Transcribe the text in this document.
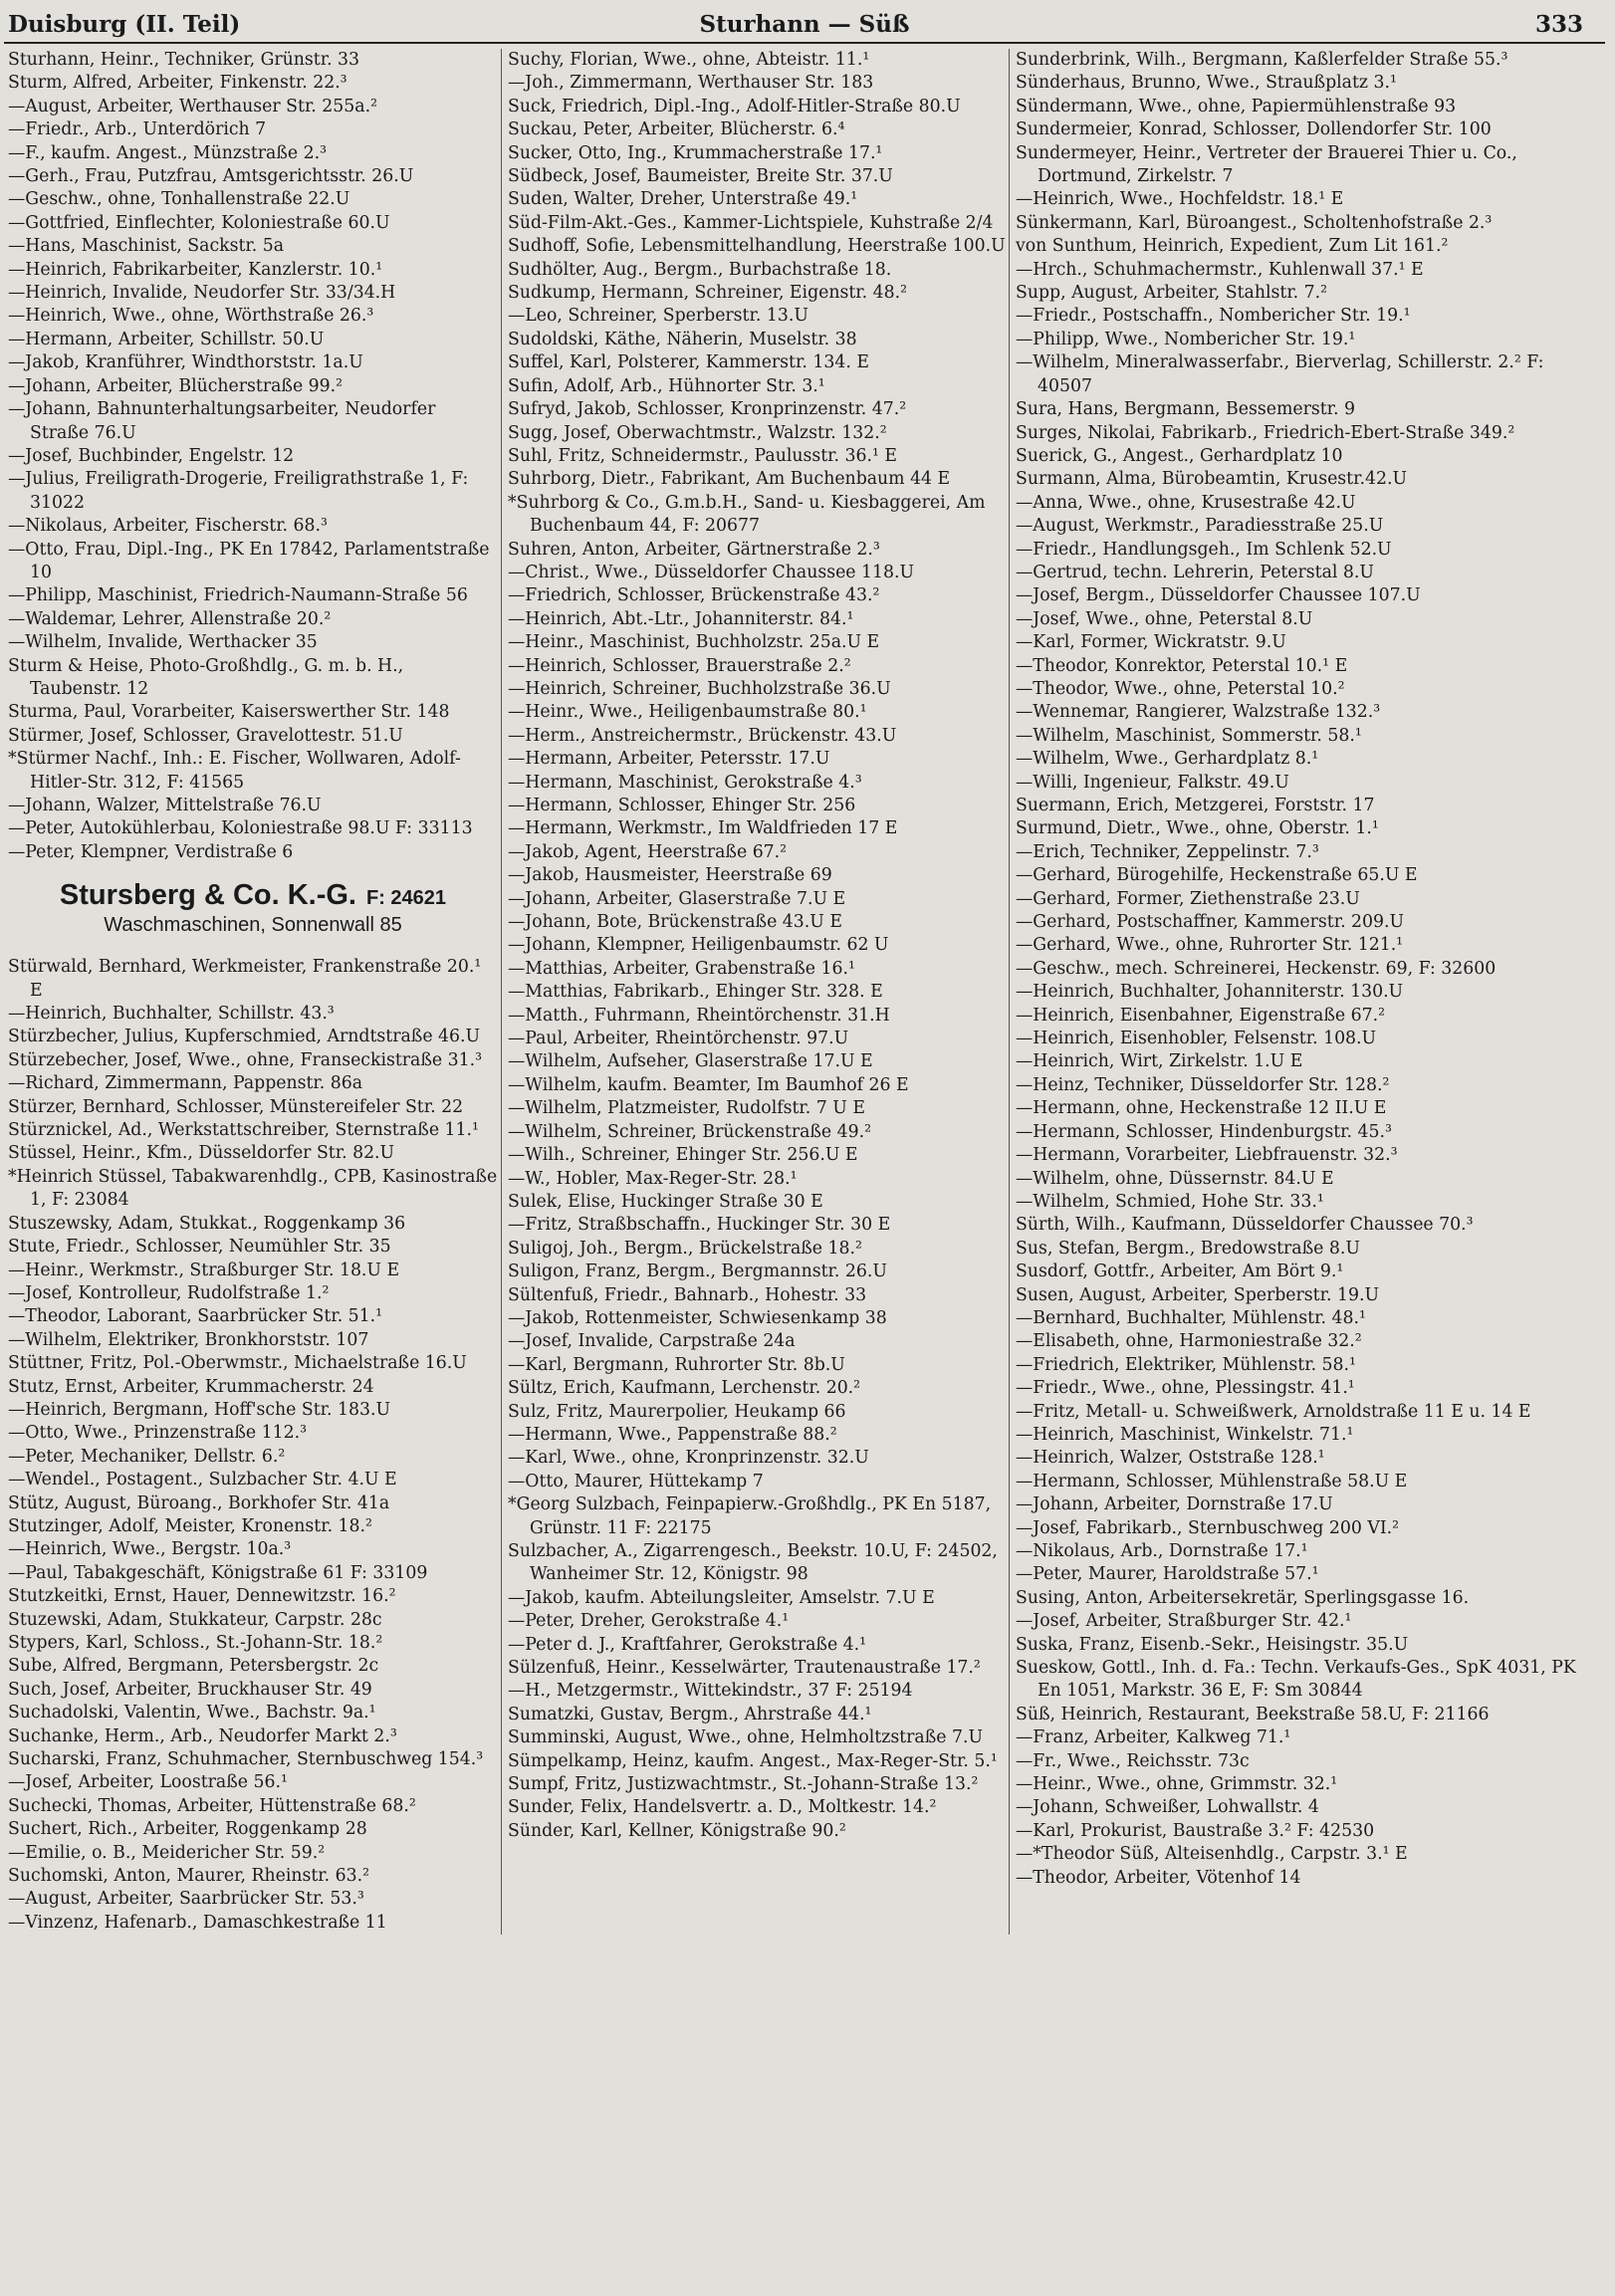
Duisburg (II. Teil)	Sturhann — Süß	333
Sturhann, Heinr., Techniker, Grünstr. 33
Sturm, Alfred, Arbeiter, Finkenstr. 22.³
—August, Arbeiter, Werthauser Str. 255a.²
—Friedr., Arb., Unterdörich 7
—F., kaufm. Angest., Münzstraße 2.³
—Gerh., Frau, Putzfrau, Amtsgerichtsstr. 26.U
—Geschw., ohne, Tonhallenstraße 22.U
—Gottfried, Einflechter, Koloniestraße 60.U
—Hans, Maschinist, Sackstr. 5a
—Heinrich, Fabrikarbeiter, Kanzlerstr. 10.¹
—Heinrich, Invalide, Neudorfer Str. 33/34.H
—Heinrich, Wwe., ohne, Wörthstraße 26.³
—Hermann, Arbeiter, Schillstr. 50.U
—Jakob, Kranführer, Windthorststr. 1a.U
—Johann, Arbeiter, Blücherstraße 99.²
—Johann, Bahnunterhaltungsarbeiter, Neudorfer Straße 76.U
—Josef, Buchbinder, Engelstr. 12
—Julius, Freiligrath-Drogerie, Freiligrathstraße 1, F: 31022
—Nikolaus, Arbeiter, Fischerstr. 68.³
—Otto, Frau, Dipl.-Ing., PK En 17842, Parlamentstraße 10
—Philipp, Maschinist, Friedrich-Naumann-Straße 56
—Waldemar, Lehrer, Allenstraße 20.²
—Wilhelm, Invalide, Werthacker 35
Sturm & Heise, Photo-Großhdlg., G. m. b. H., Taubenstr. 12
Sturma, Paul, Vorarbeiter, Kaiserswerther Str. 148
Stürmer, Josef, Schlosser, Gravelottestr. 51.U
*Stürmer Nachf., Inh.: E. Fischer, Wollwaren, Adolf-Hitler-Str. 312, F: 41565
—Johann, Walzer, Mittelstraße 76.U
—Peter, Autokühlerbau, Koloniestraße 98.U F: 33113
—Peter, Klempner, Verdistraße 6
Stursberg & Co. K.-G. F: 24621
Waschmaschinen, Sonnenwall 85
Stürwald, Bernhard, Werkmeister, Frankenstraße 20.¹ E
—Heinrich, Buchhalter, Schillstr. 43.³
Stürzbecher, Julius, Kupferschmied, Arndtstraße 46.U
Stürzebecher, Josef, Wwe., ohne, Franseckistraße 31.³
—Richard, Zimmermann, Pappenstr. 86a
Stürzer, Bernhard, Schlosser, Münstereifeler Str. 22
Stürznickel, Ad., Werkstattschreiber, Sternstraße 11.¹
Stüssel, Heinr., Kfm., Düsseldorfer Str. 82.U
*Heinrich Stüssel, Tabakwarenhdlg., CPB, Kasinostraße 1, F: 23084
Stuszewsky, Adam, Stukkat., Roggenkamp 36
Stute, Friedr., Schlosser, Neumühler Str. 35
—Heinr., Werkmstr., Straßburger Str. 18.U E
—Josef, Kontrolleur, Rudolfstraße 1.²
—Theodor, Laborant, Saarbrücker Str. 51.¹
—Wilhelm, Elektriker, Bronkhorststr. 107
Stüttner, Fritz, Pol.-Oberwmstr., Michaelstraße 16.U
Stutz, Ernst, Arbeiter, Krummacherstr. 24
—Heinrich, Bergmann, Hoff'sche Str. 183.U
—Otto, Wwe., Prinzenstraße 112.³
—Peter, Mechaniker, Dellstr. 6.²
—Wendel., Postagent., Sulzbacher Str. 4.U E
Stütz, August, Büroang., Borkhofer Str. 41a
Stutzinger, Adolf, Meister, Kronenstr. 18.²
—Heinrich, Wwe., Bergstr. 10a.³
—Paul, Tabakgeschäft, Königstraße 61 F: 33109
Stutzkeitki, Ernst, Hauer, Dennewitzstr. 16.²
Stuzewski, Adam, Stukkateur, Carpstr. 28c
Stypers, Karl, Schloss., St.-Johann-Str. 18.²
Sube, Alfred, Bergmann, Petersbergstr. 2c
Such, Josef, Arbeiter, Bruckhauser Str. 49
Suchadolski, Valentin, Wwe., Bachstr. 9a.¹
Suchanke, Herm., Arb., Neudorfer Markt 2.³
Sucharski, Franz, Schuhmacher, Sternbuschweg 154.³
—Josef, Arbeiter, Loostraße 56.¹
Suchecki, Thomas, Arbeiter, Hüttenstraße 68.²
Suchert, Rich., Arbeiter, Roggenkamp 28
—Emilie, o. B., Meidericher Str. 59.²
Suchomski, Anton, Maurer, Rheinstr. 63.²
—August, Arbeiter, Saarbrücker Str. 53.³
—Vinzenz, Hafenarb., Damaschkestraße 11
Suchy, Florian, Wwe., ohne, Abteistr. 11.¹
—Joh., Zimmermann, Werthauser Str. 183
Suck, Friedrich, Dipl.-Ing., Adolf-Hitler-Straße 80.U
Suckau, Peter, Arbeiter, Blücherstr. 6.⁴
Sucker, Otto, Ing., Krummacherstraße 17.¹
Südbeck, Josef, Baumeister, Breite Str. 37.U
Suden, Walter, Dreher, Unterstraße 49.¹
Süd-Film-Akt.-Ges., Kammer-Lichtspiele, Kuhstraße 2/4
Sudhoff, Sofie, Lebensmittelhandlung, Heerstraße 100.U
Sudhölter, Aug., Bergm., Burbachstraße 18.
Sudkump, Hermann, Schreiner, Eigenstr. 48.²
—Leo, Schreiner, Sperberstr. 13.U
Sudoldski, Käthe, Näherin, Muselstr. 38
Suffel, Karl, Polsterer, Kammerstr. 134. E
Sufin, Adolf, Arb., Hühnorter Str. 3.¹
Sufryd, Jakob, Schlosser, Kronprinzenstr. 47.²
Sugg, Josef, Oberwachtmstr., Walzstr. 132.²
Suhl, Fritz, Schneidermstr., Paulusstr. 36.¹ E
Suhrborg, Dietr., Fabrikant, Am Buchenbaum 44 E
*Suhrborg & Co., G.m.b.H., Sand- u. Kiesbaggerei, Am Buchenbaum 44, F: 20677
Suhren, Anton, Arbeiter, Gärtnerstraße 2.³
—Christ., Wwe., Düsseldorfer Chaussee 118.U
—Friedrich, Schlosser, Brückenstraße 43.²
—Heinrich, Abt.-Ltr., Johanniterstr. 84.¹
—Heinr., Maschinist, Buchholzstr. 25a.U E
—Heinrich, Schlosser, Brauerstraße 2.²
—Heinrich, Schreiner, Buchholzstraße 36.U
—Heinr., Wwe., Heiligenbaumstraße 80.¹
—Herm., Anstreichermstr., Brückenstr. 43.U
—Hermann, Arbeiter, Petersstr. 17.U
—Hermann, Maschinist, Gerokstraße 4.³
—Hermann, Schlosser, Ehinger Str. 256
—Hermann, Werkmstr., Im Waldfrieden 17 E
—Jakob, Agent, Heerstraße 67.²
—Jakob, Hausmeister, Heerstraße 69
—Johann, Arbeiter, Glaserstraße 7.U E
—Johann, Bote, Brückenstraße 43.U E
—Johann, Klempner, Heiligenbaumstr. 62 U
—Matthias, Arbeiter, Grabenstraße 16.¹
—Matthias, Fabrikarb., Ehinger Str. 328. E
—Matth., Fuhrmann, Rheintörchenstr. 31.H
—Paul, Arbeiter, Rheintörchenstr. 97.U
—Wilhelm, Aufseher, Glaserstraße 17.U E
—Wilhelm, kaufm. Beamter, Im Baumhof 26 E
—Wilhelm, Platzmeister, Rudolfstr. 7 U E
—Wilhelm, Schreiner, Brückenstraße 49.²
—Wilh., Schreiner, Ehinger Str. 256.U E
—W., Hobler, Max-Reger-Str. 28.¹
Sulek, Elise, Huckinger Straße 30 E
—Fritz, Straßbschaffn., Huckinger Str. 30 E
Suligoj, Joh., Bergm., Brückelstraße 18.²
Suligon, Franz, Bergm., Bergmannstr. 26.U
Sültenfuß, Friedr., Bahnarb., Hohestr. 33
—Jakob, Rottenmeister, Schwiesenkamp 38
—Josef, Invalide, Carpstraße 24a
—Karl, Bergmann, Ruhrorter Str. 8b.U
Sültz, Erich, Kaufmann, Lerchenstr. 20.²
Sulz, Fritz, Maurerpolier, Heukamp 66
—Hermann, Wwe., Pappenstraße 88.²
—Karl, Wwe., ohne, Kronprinzenstr. 32.U
—Otto, Maurer, Hüttekamp 7
*Georg Sulzbach, Feinpapierw.-Großhdlg., PK En 5187, Grünstr. 11 F: 22175
Sulzbacher, A., Zigarrengesch., Beekstr. 10.U, F: 24502, Wanheimer Str. 12, Königstr. 98
—Jakob, kaufm. Abteilungsleiter, Amselstr. 7.U E
—Peter, Dreher, Gerokstraße 4.¹
—Peter d. J., Kraftfahrer, Gerokstraße 4.¹
Sülzenfuß, Heinr., Kesselwärter, Trautenaustraße 17.²
—H., Metzgermstr., Wittekindstr., 37 F: 25194
Sumatzki, Gustav, Bergm., Ahrstraße 44.¹
Summinski, August, Wwe., ohne, Helmholtzstraße 7.U
Sümpelkamp, Heinz, kaufm. Angest., Max-Reger-Str. 5.¹
Sumpf, Fritz, Justizwachtmstr., St.-Johann-Straße 13.²
Sunder, Felix, Handelsvertr. a. D., Moltkestr. 14.²
Sünder, Karl, Kellner, Königstraße 90.²
Sunderbrink, Wilh., Bergmann, Kaßlerfelder Straße 55.³
Sünderhaus, Brunno, Wwe., Straußplatz 3.¹
Sündermann, Wwe., ohne, Papiermühlenstraße 93
Sundermeier, Konrad, Schlosser, Dollendorfer Str. 100
Sundermeyer, Heinr., Vertreter der Brauerei Thier u. Co., Dortmund, Zirkelstr. 7
—Heinrich, Wwe., Hochfeldstr. 18.¹ E
Sünkermann, Karl, Büroangest., Scholtenhofstraße 2.³
von Sunthum, Heinrich, Expedient, Zum Lit 161.²
—Hrch., Schuhmachermstr., Kuhlenwall 37.¹ E
Supp, August, Arbeiter, Stahlstr. 7.²
—Friedr., Postschaffn., Nombericher Str. 19.¹
—Philipp, Wwe., Nombericher Str. 19.¹
—Wilhelm, Mineralwasserfabr., Bierverlag, Schillerstr. 2.² F: 40507
Sura, Hans, Bergmann, Bessemerstr. 9
Surges, Nikolai, Fabrikarb., Friedrich-Ebert-Straße 349.²
Suerick, G., Angest., Gerhardplatz 10
Surmann, Alma, Bürobeamtin, Krusestr.42.U
—Anna, Wwe., ohne, Krusestraße 42.U
—August, Werkmstr., Paradiesstraße 25.U
—Friedr., Handlungsgeh., Im Schlenk 52.U
—Gertrud, techn. Lehrerin, Peterstal 8.U
—Josef, Bergm., Düsseldorfer Chaussee 107.U
—Josef, Wwe., ohne, Peterstal 8.U
—Karl, Former, Wickratstr. 9.U
—Theodor, Konrektor, Peterstal 10.¹ E
—Theodor, Wwe., ohne, Peterstal 10.²
—Wennemar, Rangierer, Walzstraße 132.³
—Wilhelm, Maschinist, Sommerstr. 58.¹
—Wilhelm, Wwe., Gerhardplatz 8.¹
—Willi, Ingenieur, Falkstr. 49.U
Suermann, Erich, Metzgerei, Forststr. 17
Surmund, Dietr., Wwe., ohne, Oberstr. 1.¹
—Erich, Techniker, Zeppelinstr. 7.³
—Gerhard, Bürogehilfe, Heckenstraße 65.U E
—Gerhard, Former, Ziethenstraße 23.U
—Gerhard, Postschaffner, Kammerstr. 209.U
—Gerhard, Wwe., ohne, Ruhrorter Str. 121.¹
—Geschw., mech. Schreinerei, Heckenstr. 69, F: 32600
—Heinrich, Buchhalter, Johanniterstr. 130.U
—Heinrich, Eisenbahner, Eigenstraße 67.²
—Heinrich, Eisenhobler, Felsenstr. 108.U
—Heinrich, Wirt, Zirkelstr. 1.U E
—Heinz, Techniker, Düsseldorfer Str. 128.²
—Hermann, ohne, Heckenstraße 12 II.U E
—Hermann, Schlosser, Hindenburgstr. 45.³
—Hermann, Vorarbeiter, Liebfrauenstr. 32.³
—Wilhelm, ohne, Düssernstr. 84.U E
—Wilhelm, Schmied, Hohe Str. 33.¹
Sürth, Wilh., Kaufmann, Düsseldorfer Chaussee 70.³
Sus, Stefan, Bergm., Bredowstraße 8.U
Susdorf, Gottfr., Arbeiter, Am Bört 9.¹
Susen, August, Arbeiter, Sperberstr. 19.U
—Bernhard, Buchhalter, Mühlenstr. 48.¹
—Elisabeth, ohne, Harmoniestraße 32.²
—Friedrich, Elektriker, Mühlenstr. 58.¹
—Friedr., Wwe., ohne, Plessingstr. 41.¹
—Fritz, Metall- u. Schweißwerk, Arnoldstraße 11 E u. 14 E
—Heinrich, Maschinist, Winkelstr. 71.¹
—Heinrich, Walzer, Oststraße 128.¹
—Hermann, Schlosser, Mühlenstraße 58.U E
—Johann, Arbeiter, Dornstraße 17.U
—Josef, Fabrikarb., Sternbuschweg 200 VI.²
—Nikolaus, Arb., Dornstraße 17.¹
—Peter, Maurer, Haroldstraße 57.¹
Susing, Anton, Arbeitersekretär, Sperlingsgasse 16.
—Josef, Arbeiter, Straßburger Str. 42.¹
Suska, Franz, Eisenb.-Sekr., Heisingstr. 35.U
Sueskow, Gottl., Inh. d. Fa.: Techn. Verkaufs-Ges., SpK 4031, PK En 1051, Markstr. 36 E, F: Sm 30844
Süß, Heinrich, Restaurant, Beekstraße 58.U, F: 21166
—Franz, Arbeiter, Kalkweg 71.¹
—Fr., Wwe., Reichsstr. 73c
—Heinr., Wwe., ohne, Grimmstr. 32.¹
—Johann, Schweißer, Lohwallstr. 4
—Karl, Prokurist, Baustraße 3.² F: 42530
—*Theodor Süß, Alteisenhdlg., Carpstr. 3.¹ E
—Theodor, Arbeiter, Vötenhof 14
